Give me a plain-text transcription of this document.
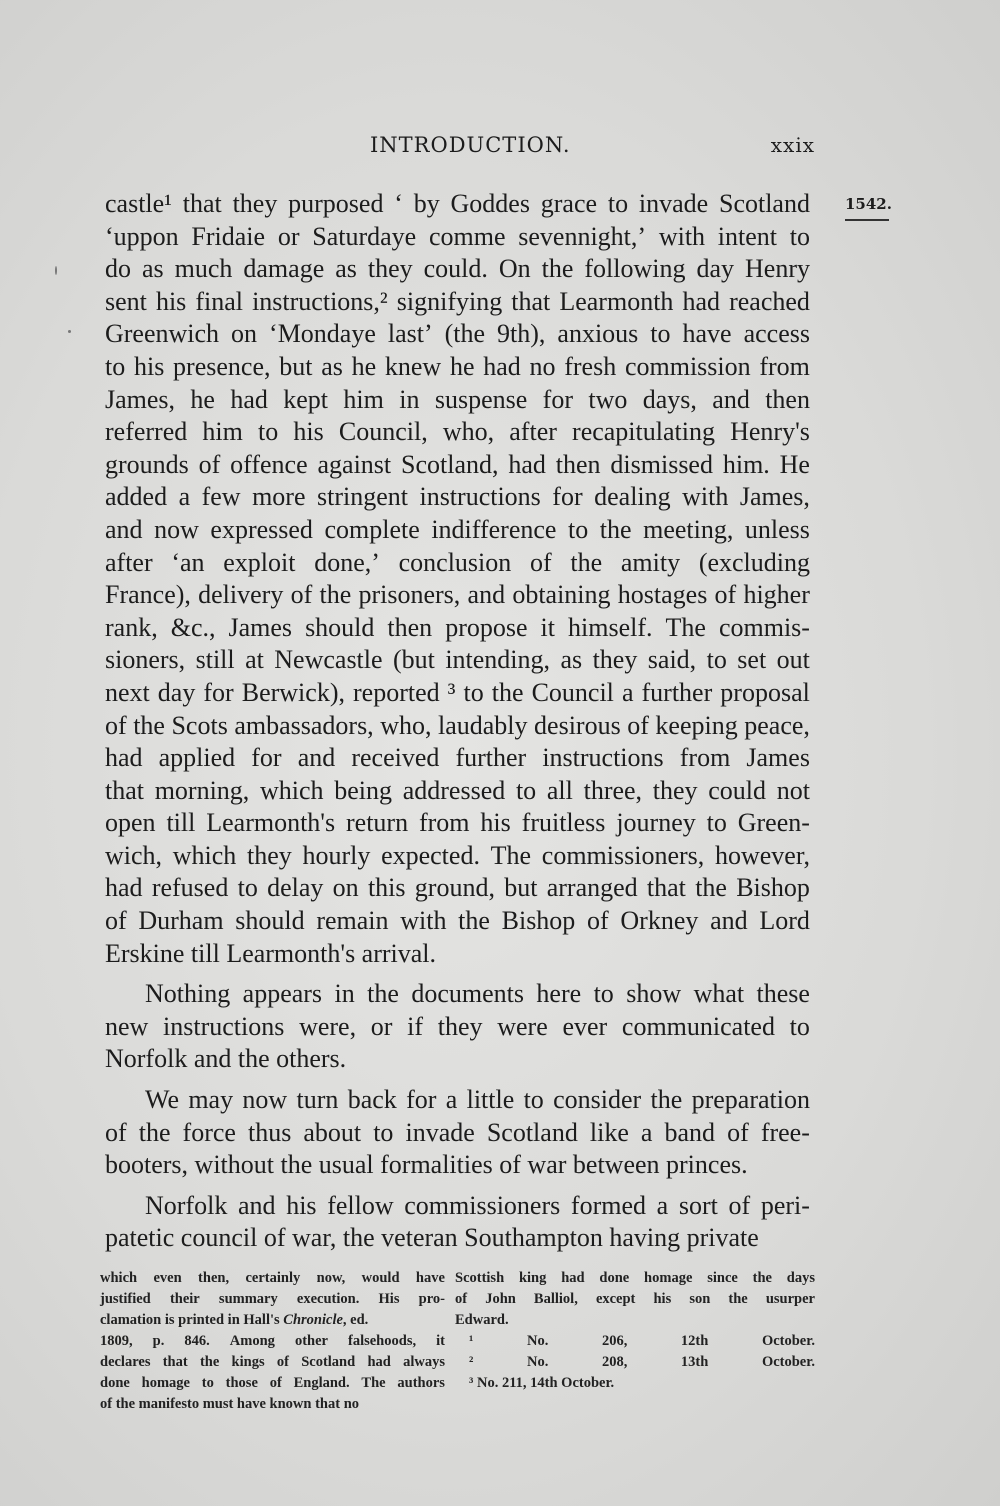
INTRODUCTION.	xxix
1542.
castle¹ that they purposed ‘ by Goddes grace to invade Scotland
‘uppon Fridaie or Saturdaye comme sevennight,’ with intent to
do as much damage as they could. On the following day Henry
sent his final instructions,² signifying that Learmonth had reached
Greenwich on ‘Mondaye last’ (the 9th), anxious to have access
to his presence, but as he knew he had no fresh commission from
James, he had kept him in suspense for two days, and then
referred him to his Council, who, after recapitulating Henry's
grounds of offence against Scotland, had then dismissed him. He
added a few more stringent instructions for dealing with James,
and now expressed complete indifference to the meeting, unless
after ‘an exploit done,’ conclusion of the amity (excluding
France), delivery of the prisoners, and obtaining hostages of higher
rank, &c., James should then propose it himself. The commis-
sioners, still at Newcastle (but intending, as they said, to set out
next day for Berwick), reported ³ to the Council a further proposal
of the Scots ambassadors, who, laudably desirous of keeping peace,
had applied for and received further instructions from James
that morning, which being addressed to all three, they could not
open till Learmonth's return from his fruitless journey to Green-
wich, which they hourly expected. The commissioners, however,
had refused to delay on this ground, but arranged that the Bishop
of Durham should remain with the Bishop of Orkney and Lord
Erskine till Learmonth's arrival.
Nothing appears in the documents here to show what these
new instructions were, or if they were ever communicated to
Norfolk and the others.
We may now turn back for a little to consider the preparation
of the force thus about to invade Scotland like a band of free-
booters, without the usual formalities of war between princes.
Norfolk and his fellow commissioners formed a sort of peri-
patetic council of war, the veteran Southampton having private
which even then, certainly now, would have
justified their summary execution. His pro-
clamation is printed in Hall's Chronicle , ed.
1809, p. 846. Among other falsehoods, it
declares that the kings of Scotland had always
done homage to those of England. The authors
of the manifesto must have known that no
Scottish king had done homage since the days
of John Balliol, except his son the usurper
Edward.
¹	No.	206,	12th	October.
²	No.	208,	13th	October.
³ No. 211, 14th October.
